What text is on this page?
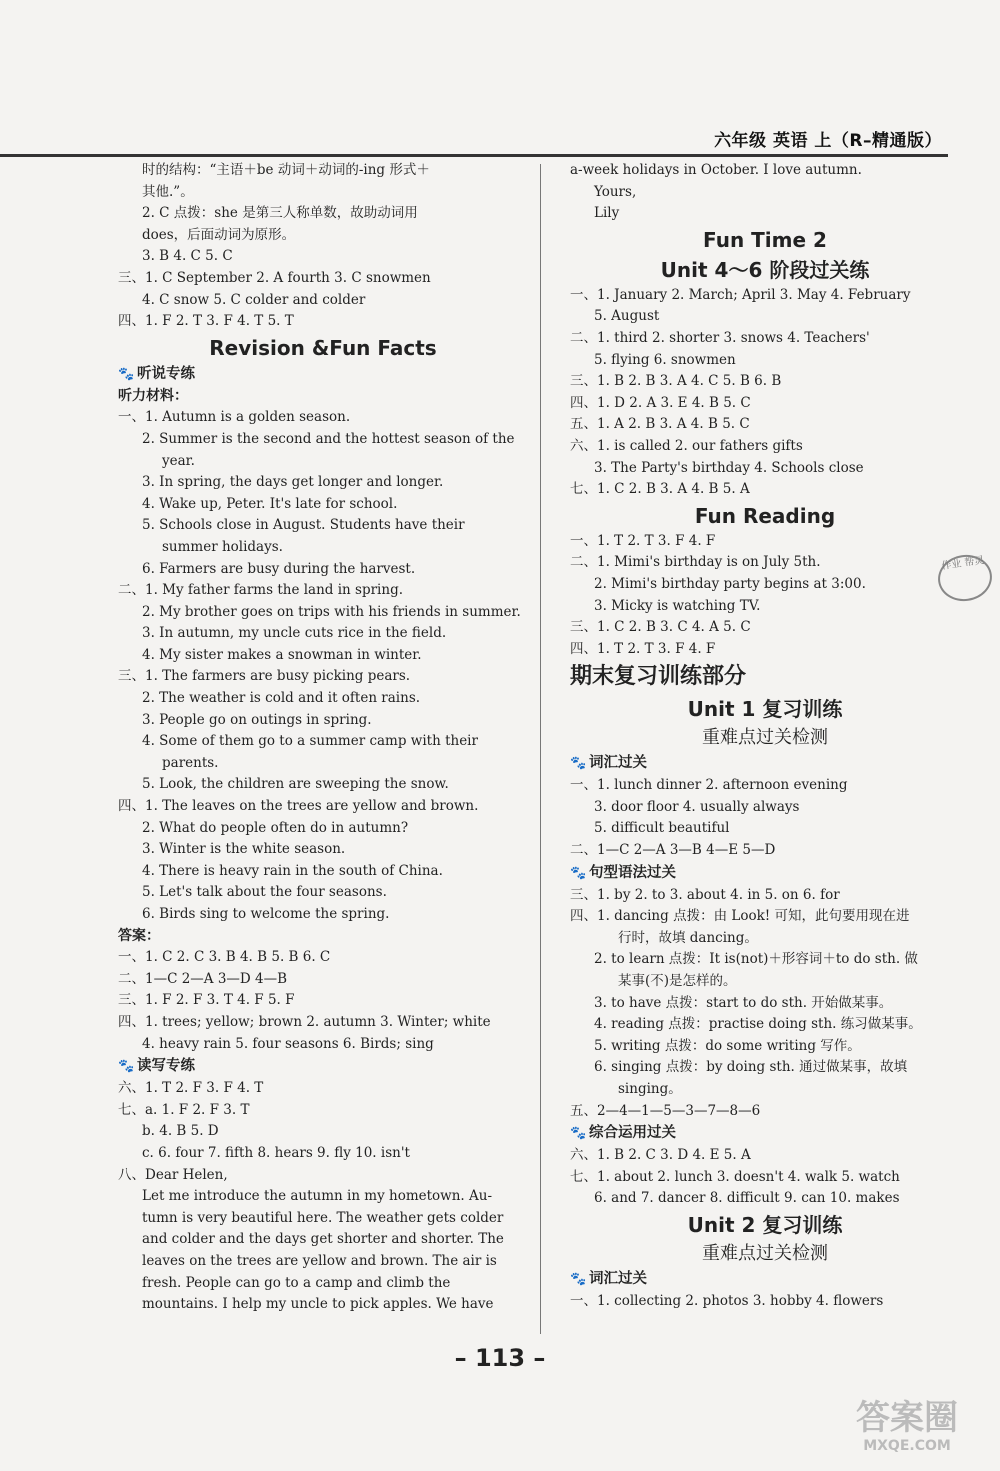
六年级 英语 上（R–精通版）
时的结构：“主语＋be 动词＋动词的-ing 形式＋
其他.”。
2. C 点拨：she 是第三人称单数，故助动词用
does，后面动词为原形。
3. B 4. C 5. C
三、1. C September 2. A fourth 3. C snowmen
4. C snow 5. C colder and colder
四、1. F 2. T 3. F 4. T 5. T
Revision &Fun Facts
🐾 听说专练
听力材料：
一、1. Autumn is a golden season.
2. Summer is the second and the hottest season of the
year.
3. In spring, the days get longer and longer.
4. Wake up, Peter. It's late for school.
5. Schools close in August. Students have their
summer holidays.
6. Farmers are busy during the harvest.
二、1. My father farms the land in spring.
2. My brother goes on trips with his friends in summer.
3. In autumn, my uncle cuts rice in the field.
4. My sister makes a snowman in winter.
三、1. The farmers are busy picking pears.
2. The weather is cold and it often rains.
3. People go on outings in spring.
4. Some of them go to a summer camp with their
parents.
5. Look, the children are sweeping the snow.
四、1. The leaves on the trees are yellow and brown.
2. What do people often do in autumn?
3. Winter is the white season.
4. There is heavy rain in the south of China.
5. Let's talk about the four seasons.
6. Birds sing to welcome the spring.
答案：
一、1. C 2. C 3. B 4. B 5. B 6. C
二、1—C 2—A 3—D 4—B
三、1. F 2. F 3. T 4. F 5. F
四、1. trees; yellow; brown 2. autumn 3. Winter; white
4. heavy rain 5. four seasons 6. Birds; sing
🐾 读写专练
六、1. T 2. F 3. F 4. T
七、a. 1. F 2. F 3. T
b. 4. B 5. D
c. 6. four 7. fifth 8. hears 9. fly 10. isn't
八、Dear Helen,
Let me introduce the autumn in my hometown. Au-
tumn is very beautiful here. The weather gets colder
and colder and the days get shorter and shorter. The
leaves on the trees are yellow and brown. The air is
fresh. People can go to a camp and climb the
mountains. I help my uncle to pick apples. We have
a-week holidays in October. I love autumn.
Yours,
Lily
Fun Time 2
Unit 4～6 阶段过关练
一、1. January 2. March; April 3. May 4. February
5. August
二、1. third 2. shorter 3. snows 4. Teachers'
5. flying 6. snowmen
三、1. B 2. B 3. A 4. C 5. B 6. B
四、1. D 2. A 3. E 4. B 5. C
五、1. A 2. B 3. A 4. B 5. C
六、1. is called 2. our fathers gifts
3. The Party's birthday 4. Schools close
七、1. C 2. B 3. A 4. B 5. A
Fun Reading
一、1. T 2. T 3. F 4. F
二、1. Mimi's birthday is on July 5th.
2. Mimi's birthday party begins at 3:00.
3. Micky is watching TV.
三、1. C 2. B 3. C 4. A 5. C
四、1. T 2. T 3. F 4. F
期末复习训练部分
Unit 1 复习训练
重难点过关检测
🐾 词汇过关
一、1. lunch dinner 2. afternoon evening
3. door floor 4. usually always
5. difficult beautiful
二、1—C 2—A 3—B 4—E 5—D
🐾 句型语法过关
三、1. by 2. to 3. about 4. in 5. on 6. for
四、1. dancing 点拨：由 Look! 可知，此句要用现在进
行时，故填 dancing。
2. to learn 点拨：It is(not)＋形容词＋to do sth. 做
某事(不)是怎样的。
3. to have 点拨：start to do sth. 开始做某事。
4. reading 点拨：practise doing sth. 练习做某事。
5. writing 点拨：do some writing 写作。
6. singing 点拨：by doing sth. 通过做某事，故填
singing。
五、2—4—1—5—3—7—8—6
🐾 综合运用过关
六、1. B 2. C 3. D 4. E 5. A
七、1. about 2. lunch 3. doesn't 4. walk 5. watch
6. and 7. dancer 8. difficult 9. can 10. makes
Unit 2 复习训练
重难点过关检测
🐾 词汇过关
一、1. collecting 2. photos 3. hobby 4. flowers
作业 帮灵
– 113 –
答案圈
MXQE.COM
